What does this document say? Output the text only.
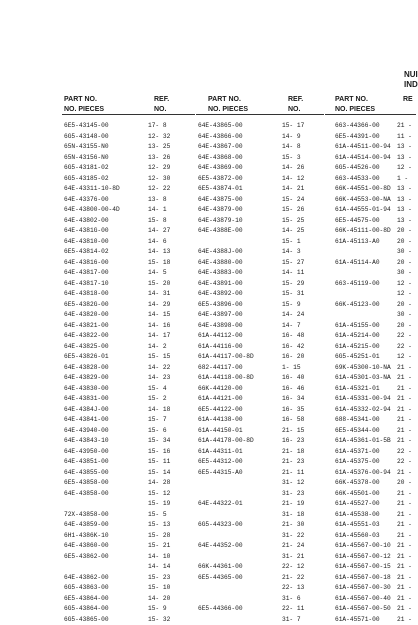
NUI
IND
PART NO.
NO. PIECES
REF.
NO.
6E5-43145-00	17- 8
6G5-43148-00	12- 32
65N-43155-N0	13- 25
65N-43156-N0	13- 26
6G5-43181-02	12- 29
6G5-43185-02	12- 30
64E-43311-10-8D	12- 22
64E-43376-00	13- 8
64E-43800-00-4D	14- 1
64E-43802-00	15- 8
64E-4381G-00	14- 27
64E-43810-00	14- 6
6E5-43814-02	14- 13
64E-43816-00	15- 18
64E-43817-00	14- 5
64E-43817-10	15- 20
64E-43818-00	14- 31
6E5-4382G-00	14- 29
64E-43820-00	14- 15
64E-43821-00	14- 16
64E-43822-00	14- 17
64E-43825-00	14- 2
6E5-43826-01	15- 15
64E-43828-00	14- 22
64E-43829-00	14- 23
64E-43830-00	15- 4
64E-43831-00	15- 2
64E-4384J-00	14- 18
64E-43841-00	15- 7
64E-43940-00	15- 6
64E-43843-10	15- 34
64E-43950-00	15- 16
64E-43851-00	15- 11
64E-43855-00	15- 14
6E5-43858-00	14- 28
64E-43858-00	15- 12
15- 19
72X-43858-00	15- 5
64E-43859-00	15- 13
6H1-4386K-10	15- 28
64E-43860-00	15- 21
6E5-43862-00	14- 10
14- 14
64E-43862-00	15- 23
6G5-43863-00	15- 10
6E5-43864-00	14- 20
6G5-43864-00	15- 9
6G5-43865-00	15- 32
PART NO.
NO. PIECES
REF.
NO.
64E-43865-00	15- 17
64E-43866-00	14- 9
64E-43867-00	14- 8
64E-43868-00	15- 3
64E-43869-00	14- 26
6E5-43872-00	14- 12
6E5-43874-01	14- 21
64E-43875-00	15- 24
64E-43879-00	15- 26
64E-43879-10	15- 25
64E-4388E-00	14- 25
15- 1
64E-4388J-00	14- 3
64E-43880-00	15- 27
64E-43883-00	14- 11
64E-43891-00	15- 29
64E-43892-00	15- 31
6E5-43896-00	15- 9
64E-43897-00	14- 24
64E-43898-00	14- 7
61A-44112-00	16- 48
61A-44116-00	16- 42
61A-44117-00-8D	16- 20
682-44117-00	1- 15
61A-44118-00-8D	16- 40
66K-44120-00	16- 46
61A-44121-00	16- 34
6E5-44122-00	16- 35
61A-44138-00	16- 58
61A-44150-01	21- 15
61A-44178-00-8D	16- 23
61A-44311-01	21- 18
6E5-44312-00	21- 23
6E5-44315-A0	21- 11
31- 12
31- 23
64E-44322-01	21- 19
31- 18
6G5-44323-00	21- 30
31- 22
64E-44352-00	21- 24
31- 21
66K-44361-00	22- 12
6E5-44365-00	21- 22
22- 13
31- 6
6E5-44366-00	22- 11
31- 7
PART NO.
NO. PIECES
RE
663-44366-00	21 -
6E5-44391-00	11 -
61A-44511-00-94 13 -
61A-44514-00-94 13 -
6G5-44526-00	12 -
663-44533-00	1 -
66K-44551-00-8D 13 -
66K-44553-00-NA 13 -
61A-44555-01-94 13 -
6E5-44575-00	13 -
66K-45111-00-8D 20 -
61A-45113-A0	20 -
30 -
61A-45114-A0	20 -
30 -
663-45119-00	12 -
12 -
66K-45123-00	20 -
30 -
61A-45155-00	20 -
61A-45214-00	22 -
61A-45215-00	22 -
6G5-45251-01	12 -
69K-45300-10-NA 21 -
61A-45301-03-NA 21 -
61A-45321-01	21 -
61A-45331-00-94 21 -
61A-45332-02-94 21 -
688-45341-00	21 -
6E5-45344-00	21 -
61A-45361-01-5B 21 -
61A-45371-00	22 -
61A-45375-00	22 -
61A-45376-00-94 21 -
66K-45378-00	20 -
66K-45501-00	21 -
61A-45527-00	21 -
61A-45538-00	21 -
61A-45551-03	21 -
61A-45560-03	21 -
61A-45567-00-10 21 -
61A-45567-00-12 21 -
61A-45567-00-15 21 -
61A-45567-00-18 21 -
61A-45567-00-30 21 -
61A-45567-00-40 21 -
61A-45567-00-50 21 -
61A-45571-00	21 -
